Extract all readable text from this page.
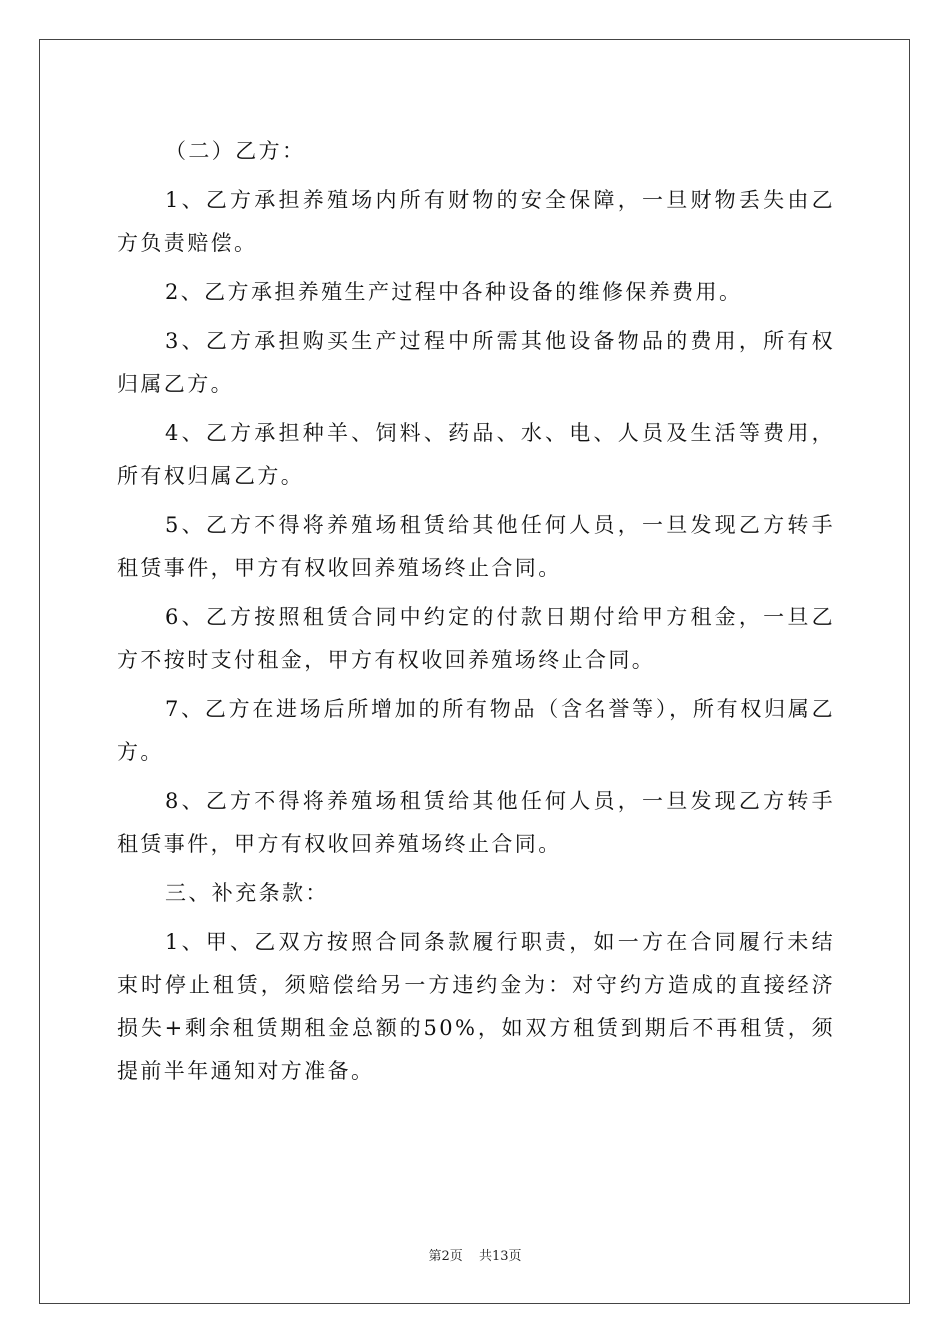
（二）乙方：

1、乙方承担养殖场内所有财物的安全保障，一旦财物丢失由乙方负责赔偿。

2、乙方承担养殖生产过程中各种设备的维修保养费用。

3、乙方承担购买生产过程中所需其他设备物品的费用，所有权归属乙方。

4、乙方承担种羊、饲料、药品、水、电、人员及生活等费用，所有权归属乙方。

5、乙方不得将养殖场租赁给其他任何人员，一旦发现乙方转手租赁事件，甲方有权收回养殖场终止合同。

6、乙方按照租赁合同中约定的付款日期付给甲方租金，一旦乙方不按时支付租金，甲方有权收回养殖场终止合同。

7、乙方在进场后所增加的所有物品（含名誉等），所有权归属乙方。

8、乙方不得将养殖场租赁给其他任何人员，一旦发现乙方转手租赁事件，甲方有权收回养殖场终止合同。

三、补充条款：

1、甲、乙双方按照合同条款履行职责，如一方在合同履行未结束时停止租赁，须赔偿给另一方违约金为：对守约方造成的直接经济损失+剩余租赁期租金总额的50%，如双方租赁到期后不再租赁，须提前半年通知对方准备。

第2页 共13页
